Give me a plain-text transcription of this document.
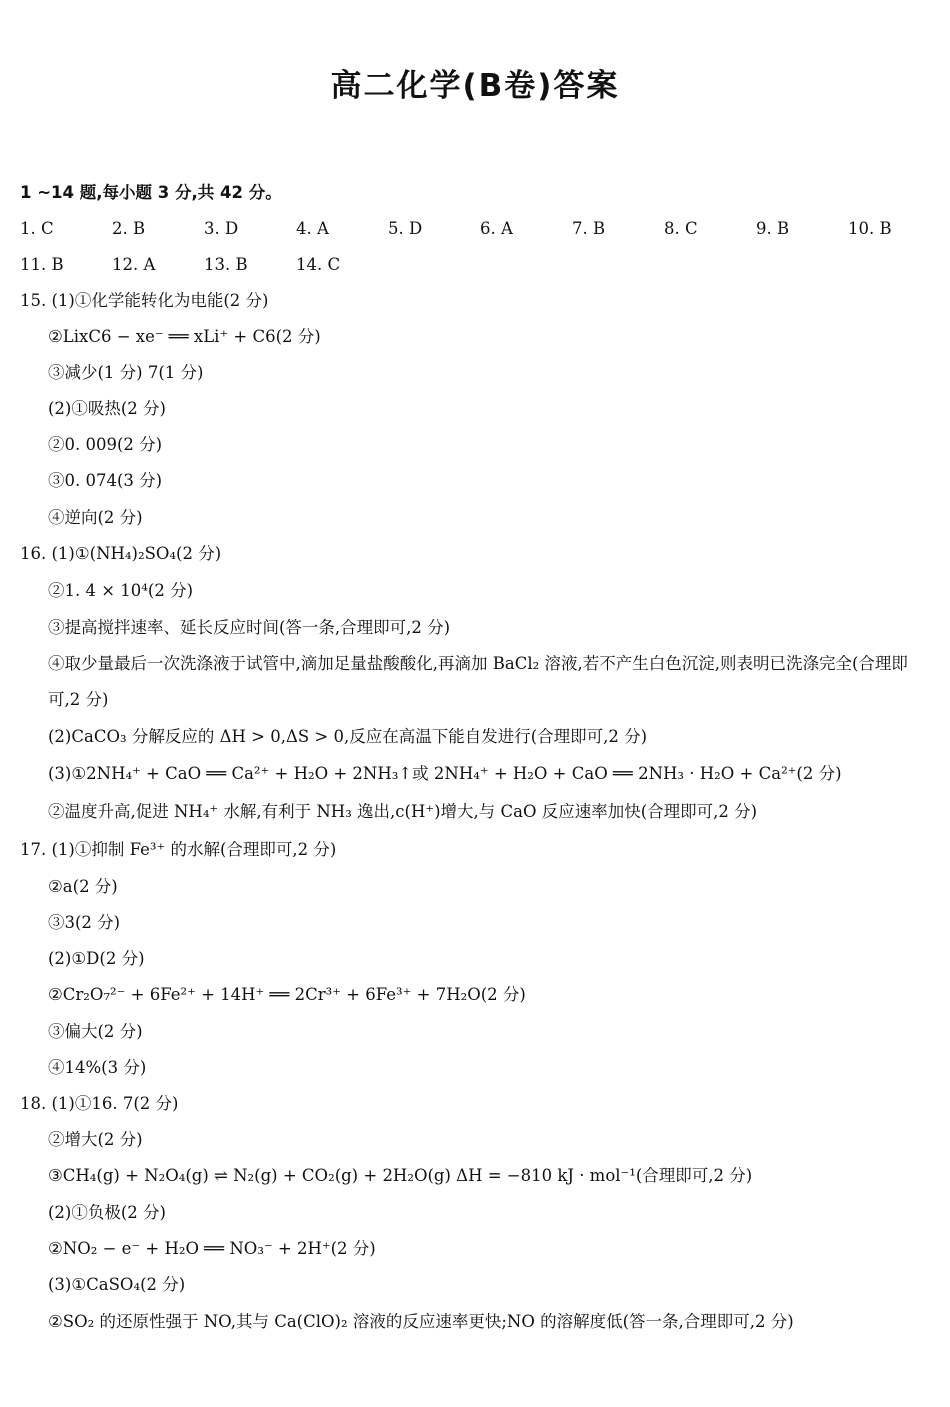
高二化学(B卷)答案
1 ~14 题,每小题 3 分,共 42 分。
1. C	2. B	3. D	4. A	5. D	6. A	7. B	8. C	9. B	10. B
11. B	12. A	13. B	14. C
15. (1)①化学能转化为电能(2 分)
②LixC6 − xe⁻ ══ xLi⁺ + C6(2 分)
③减少(1 分) 7(1 分)
(2)①吸热(2 分)
②0. 009(2 分)
③0. 074(3 分)
④逆向(2 分)
16. (1)①(NH₄)₂SO₄(2 分)
②1. 4 × 10⁴(2 分)
③提高搅拌速率、延长反应时间(答一条,合理即可,2 分)
④取少量最后一次洗涤液于试管中,滴加足量盐酸酸化,再滴加 BaCl₂ 溶液,若不产生白色沉淀,则表明已洗涤完全(合理即可,2 分)
(2)CaCO₃ 分解反应的 ΔH > 0,ΔS > 0,反应在高温下能自发进行(合理即可,2 分)
(3)①2NH₄⁺ + CaO ══ Ca²⁺ + H₂O + 2NH₃↑或 2NH₄⁺ + H₂O + CaO ══ 2NH₃ · H₂O + Ca²⁺(2 分)
②温度升高,促进 NH₄⁺ 水解,有利于 NH₃ 逸出,c(H⁺)增大,与 CaO 反应速率加快(合理即可,2 分)
17. (1)①抑制 Fe³⁺ 的水解(合理即可,2 分)
②a(2 分)
③3(2 分)
(2)①D(2 分)
②Cr₂O₇²⁻ + 6Fe²⁺ + 14H⁺ ══ 2Cr³⁺ + 6Fe³⁺ + 7H₂O(2 分)
③偏大(2 分)
④14%(3 分)
18. (1)①16. 7(2 分)
②增大(2 分)
③CH₄(g) + N₂O₄(g) ⇌ N₂(g) + CO₂(g) + 2H₂O(g) ΔH = −810 kJ · mol⁻¹(合理即可,2 分)
(2)①负极(2 分)
②NO₂ − e⁻ + H₂O ══ NO₃⁻ + 2H⁺(2 分)
(3)①CaSO₄(2 分)
②SO₂ 的还原性强于 NO,其与 Ca(ClO)₂ 溶液的反应速率更快;NO 的溶解度低(答一条,合理即可,2 分)
